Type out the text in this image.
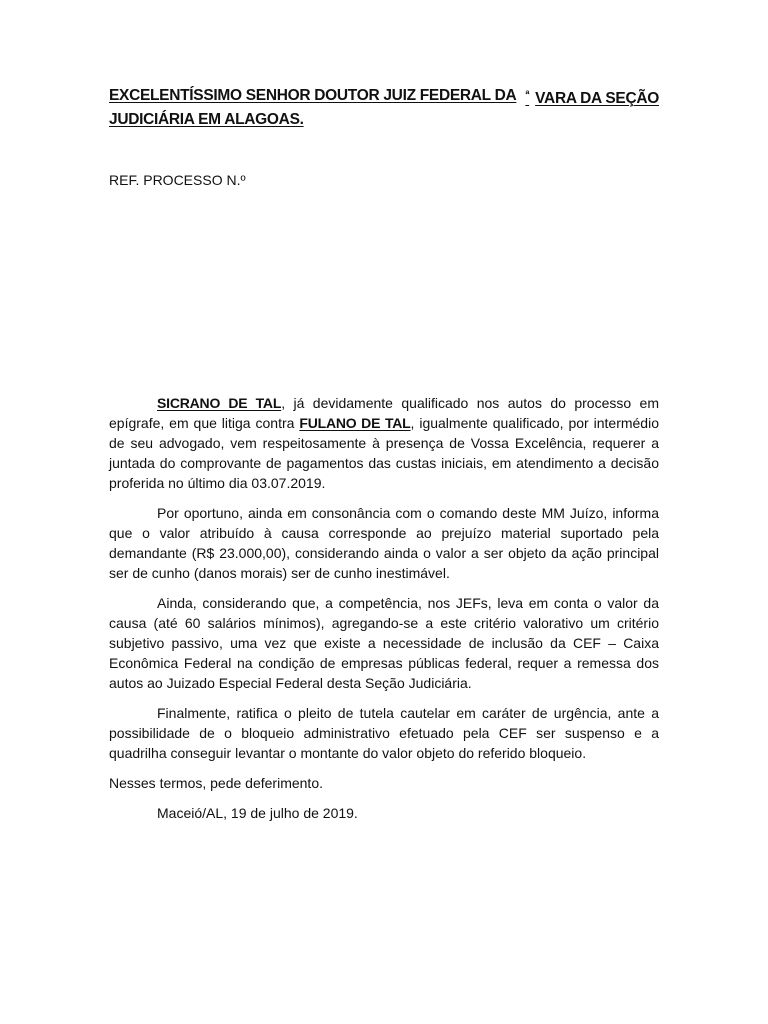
EXCELENTÍSSIMO SENHOR DOUTOR JUIZ FEDERAL DA $^ª$ VARA DA SEÇÃO
JUDICIÁRIA EM ALAGOAS.
REF. PROCESSO N.º

SICRANO DE TAL, já devidamente qualificado nos autos do processo em epígrafe, em que litiga contra FULANO DE TAL, igualmente qualificado, por intermédio de seu advogado, vem respeitosamente à presença de Vossa Excelência, requerer a juntada do comprovante de pagamentos das custas iniciais, em atendimento a decisão proferida no último dia 03.07.2019.

Por oportuno, ainda em consonância com o comando deste MM Juízo, informa que o valor atribuído à causa corresponde ao prejuízo material suportado pela demandante (R$ 23.000,00), considerando ainda o valor a ser objeto da ação principal ser de cunho (danos morais) ser de cunho inestimável.

Ainda, considerando que, a competência, nos JEFs, leva em conta o valor da causa (até 60 salários mínimos), agregando-se a este critério valorativo um critério subjetivo passivo, uma vez que existe a necessidade de inclusão da CEF – Caixa Econômica Federal na condição de empresas públicas federal, requer a remessa dos autos ao Juizado Especial Federal desta Seção Judiciária.

Finalmente, ratifica o pleito de tutela cautelar em caráter de urgência, ante a possibilidade de o bloqueio administrativo efetuado pela CEF ser suspenso e a quadrilha conseguir levantar o montante do valor objeto do referido bloqueio.

Nesses termos, pede deferimento.

Maceió/AL, 19 de julho de 2019.
